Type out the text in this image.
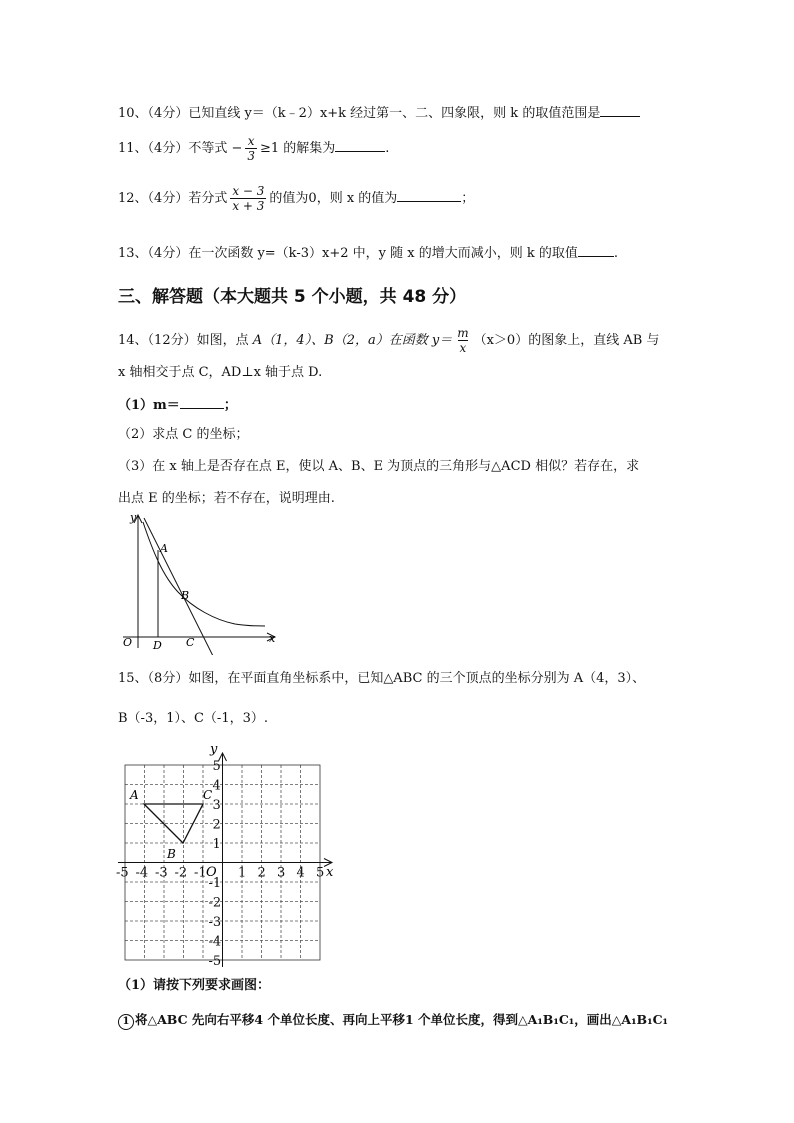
10、（4分）已知直线 y＝（k﹣2）x+k 经过第一、二、四象限，则 k 的取值范围是
11、（4分）不等式 − $\frac{x}{3} \ge 1$ 的解集为	.
12、（4分）若分式 $\frac{x - 3}{x + 3}$ 的值为0，则 x 的值为	；
13、（4分）在一次函数 y=（k-3）x+2 中，y 随 x 的增大而减小，则 k 的取值	.
三、解答题（本大题共 5 个小题，共 48 分）
14、（12分）如图，点 A（1，4）、B（2，a）在函数 $y= \frac{m}{x} (x>0)$的图象上，直线 AB 与
x 轴相交于点 C，AD⊥x 轴于点 D.
（1）m＝	；
（2）求点 C 的坐标；
（3）在 x 轴上是否存在点 E，使以 A、B、E 为顶点的三角形与△ACD 相似？若存在，求
出点 E 的坐标；若不存在，说明理由.
y
x
O D C
A
B
15、（8分）如图，在平面直角坐标系中，已知△ABC 的三个顶点的坐标分别为 A（4，3）、
B（-3，1）、C（-1，3）.
-5 -4 -3 -2 -1 1 2 3 4 5
5
4
3
2
1
-1
-2
-3
-4
-5
O	x
y
A
B
C
（1）请按下列要求画图：
1 将△ABC 先向右平移4 个单位长度、再向上平移1 个单位长度，得到△A₁B₁C₁，画出△A₁B₁C₁
